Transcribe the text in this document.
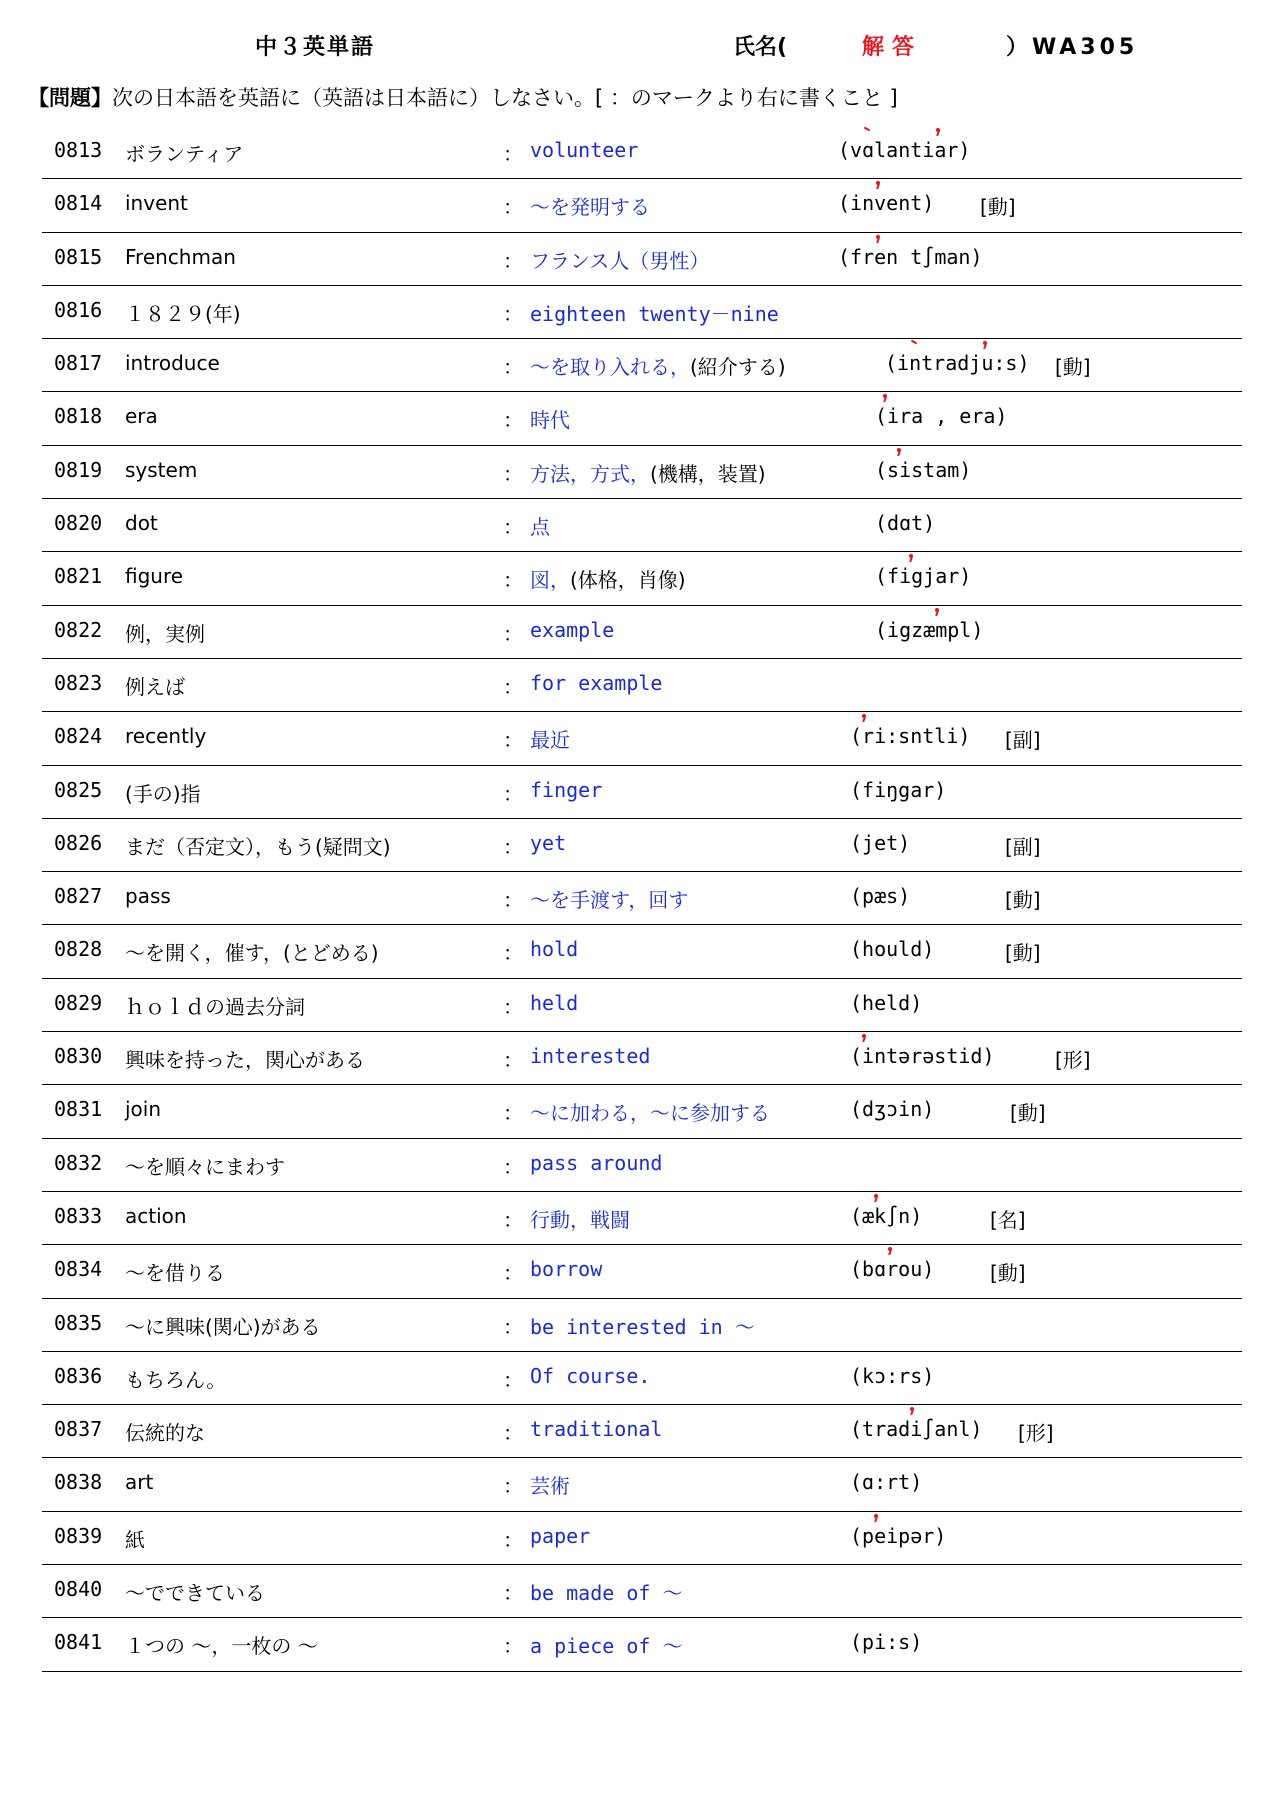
中３英単語	氏名(	解答	）WA305
【問題】次の日本語を英語に（英語は日本語に）しなさい。[ ：のマークより右に書くこと ]
0813 ボランティア	： volunteer	(vɑlantiar)
0814 invent	： ～を発明する	(invent) [動]
0815 Frenchman	： フランス人（男性）	(fren t∫man)
0816 １８２９(年)	： eighteen twenty－nine
0817 introduce	： ～を取り入れる，(紹介する)	(intradju:s) [動]
0818 era	： 時代	(ira , era)
0819 system	： 方法，方式，(機構，装置)	(sistam)
0820 dot	： 点	(dɑt)
0821 figure	： 図，(体格，肖像)	(figjar)
0822 例，実例	： example	(igzæmpl)
0823 例えば	： for example
0824 recently	： 最近	(ri:sntli) [副]
0825 (手の)指	： finger	(fiŋgar)
0826 まだ（否定文），もう(疑問文)	： yet	(jet)	[副]
0827 pass	： ～を手渡す，回す	(pæs)	[動]
0828 ～を開く，催す，(とどめる)	： hold	(hould)	[動]
0829 ｈｏｌｄの過去分詞	： held	(held)
0830 興味を持った，関心がある	： interested	(intərəstid)	[形]
0831 join	： ～に加わる，～に参加する	(dʒɔin)	[動]
0832 ～を順々にまわす	： pass around
0833 action	： 行動，戦闘	(æk∫n)	[名]
0834 ～を借りる	： borrow	(bɑrou)	[動]
0835 ～に興味(関心)がある	： be interested in ～
0836 もちろん。	： Of course.	(kɔ:rs)
0837 伝統的な	： traditional	(tradi∫anl) [形]
0838 art	： 芸術	(ɑ:rt)
0839 紙	： paper	(peipər)
0840 ～でできている	： be made of ～
0841 １つの ～，一枚の ～	： a piece of ～	(pi:s)
